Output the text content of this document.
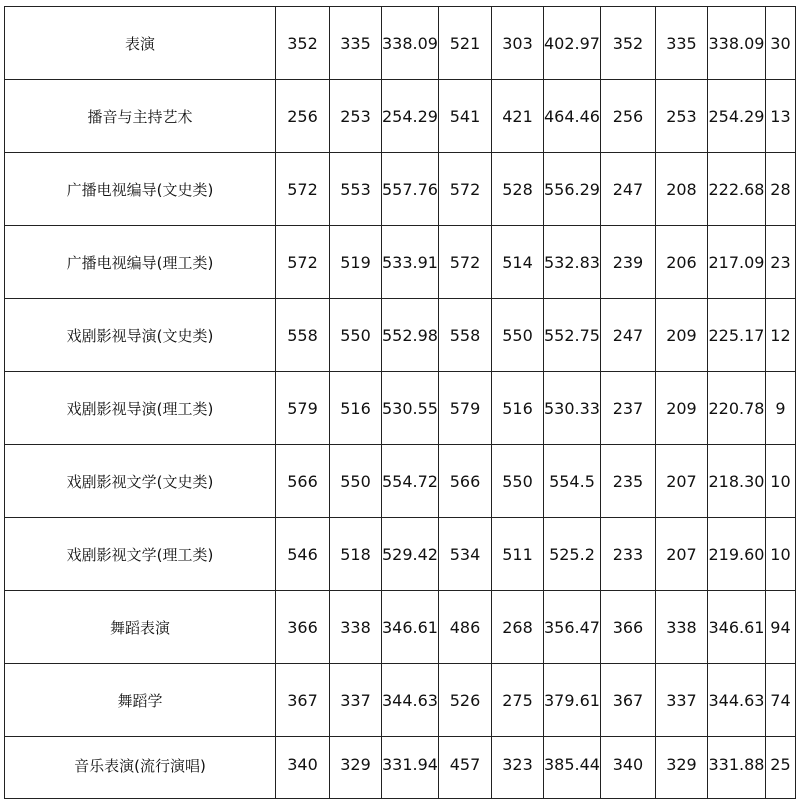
表演	352	335	338.09	521	303	402.97	352	335	338.09	30
播音与主持艺术	256	253	254.29	541	421	464.46	256	253	254.29	13
广播电视编导(文史类)	572	553	557.76	572	528	556.29	247	208	222.68	28
广播电视编导(理工类)	572	519	533.91	572	514	532.83	239	206	217.09	23
戏剧影视导演(文史类)	558	550	552.98	558	550	552.75	247	209	225.17	12
戏剧影视导演(理工类)	579	516	530.55	579	516	530.33	237	209	220.78	9
戏剧影视文学(文史类)	566	550	554.72	566	550	554.5	235	207	218.30	10
戏剧影视文学(理工类)	546	518	529.42	534	511	525.2	233	207	219.60	10
舞蹈表演	366	338	346.61	486	268	356.47	366	338	346.61	94
舞蹈学	367	337	344.63	526	275	379.61	367	337	344.63	74
音乐表演(流行演唱)	340	329	331.94	457	323	385.44	340	329	331.88	25
